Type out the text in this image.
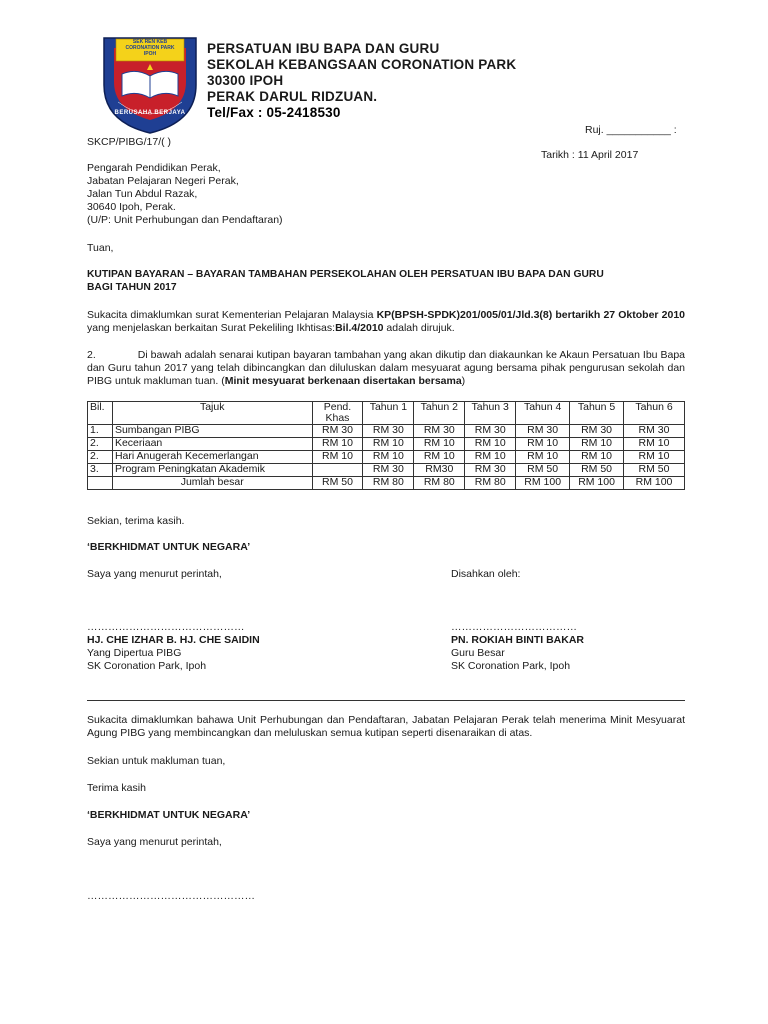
SEK REN KEB
CORONATION PARK
IPOH
BERUSAHA BERJAYA
PERSATUAN IBU BAPA DAN GURU
SEKOLAH KEBANGSAAN CORONATION PARK
30300 IPOH
PERAK DARUL RIDZUAN.
Tel/Fax : 05-2418530
Ruj. ___________ :
SKCP/PIBG/17/( )
Tarikh : 11 April 2017
Pengarah Pendidikan Perak,
Jabatan Pelajaran Negeri Perak,
Jalan Tun Abdul Razak,
30640 Ipoh, Perak.
(U/P: Unit Perhubungan dan Pendaftaran)
Tuan,
KUTIPAN BAYARAN – BAYARAN TAMBAHAN PERSEKOLAHAN OLEH PERSATUAN IBU BAPA DAN GURU
BAGI TAHUN 2017
Sukacita dimaklumkan surat Kementerian Pelajaran Malaysia KP(BPSH-SPDK)201/005/01/Jld.3(8) bertarikh 27 Oktober 2010 yang menjelaskan berkaitan Surat Pekeliling Ikhtisas:Bil.4/2010 adalah dirujuk.
2.	Di bawah adalah senarai kutipan bayaran tambahan yang akan dikutip dan diakaunkan ke Akaun Persatuan Ibu Bapa dan Guru tahun 2017 yang telah dibincangkan dan diluluskan dalam mesyuarat agung bersama pihak pengurusan sekolah dan PIBG untuk makluman tuan. (Minit mesyuarat berkenaan disertakan bersama)
Bil.	Tajuk	Pend. Khas	Tahun 1	Tahun 2	Tahun 3	Tahun 4	Tahun 5	Tahun 6
1.	Sumbangan PIBG	RM 30	RM 30	RM 30	RM 30	RM 30	RM 30	RM 30
2.	Keceriaan	RM 10	RM 10	RM 10	RM 10	RM 10	RM 10	RM 10
2.	Hari Anugerah Kecemerlangan	RM 10	RM 10	RM 10	RM 10	RM 10	RM 10	RM 10
3.	Program Peningkatan Akademik		RM 30	RM30	RM 30	RM 50	RM 50	RM 50
	Jumlah besar	RM 50	RM 80	RM 80	RM 80	RM 100	RM 100	RM 100
Sekian, terima kasih.
‘BERKHIDMAT UNTUK NEGARA’
Saya yang menurut perintah,	Disahkan oleh:
………………………………………	………………………………
HJ. CHE IZHAR B. HJ. CHE SAIDIN
Yang Dipertua PIBG
SK Coronation Park, Ipoh
PN. ROKIAH BINTI BAKAR
Guru Besar
SK Coronation Park, Ipoh
Sukacita dimaklumkan bahawa Unit Perhubungan dan Pendaftaran, Jabatan Pelajaran Perak telah menerima Minit Mesyuarat Agung PIBG yang membincangkan dan meluluskan semua kutipan seperti disenaraikan di atas.
Sekian untuk makluman tuan,
Terima kasih
‘BERKHIDMAT UNTUK NEGARA’
Saya yang menurut perintah,
…………………………………………
